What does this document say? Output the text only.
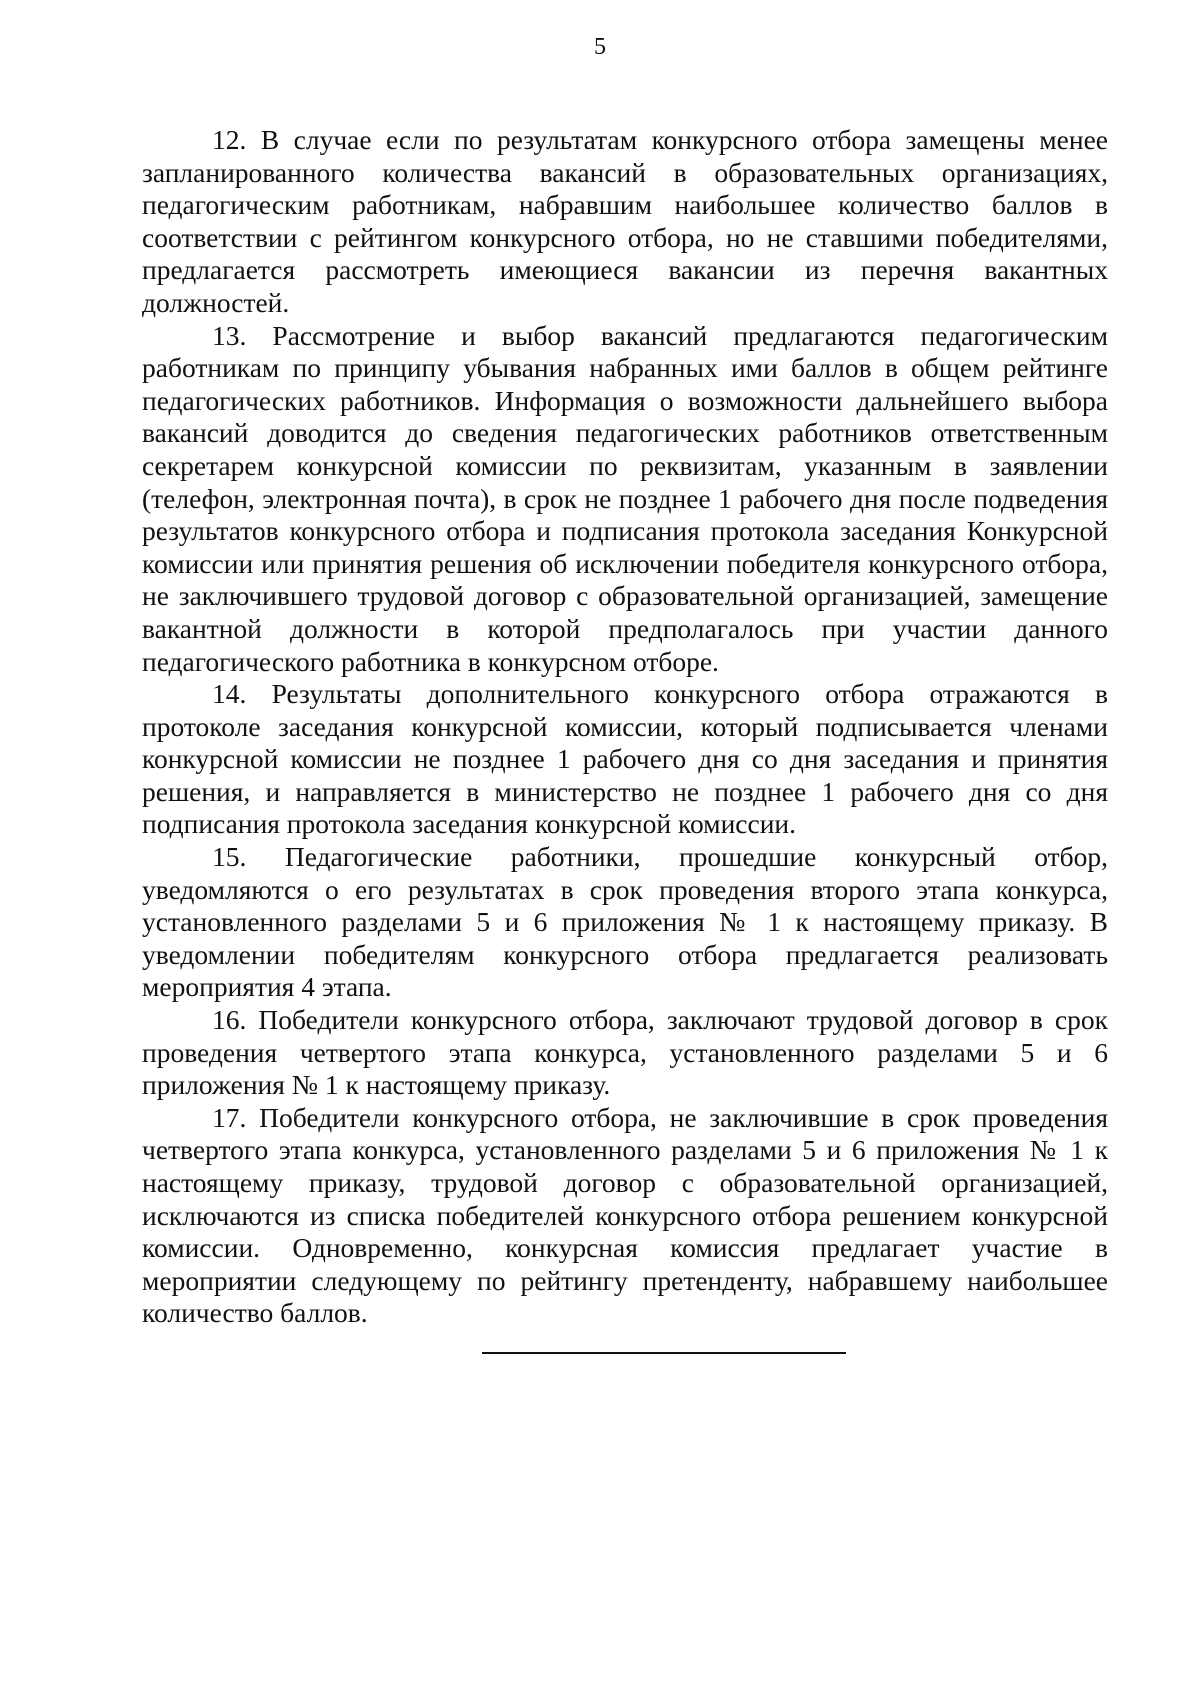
5

12. В случае если по результатам конкурсного отбора замещены менее запланированного количества вакансий в образовательных организациях, педагогическим работникам, набравшим наибольшее количество баллов в соответствии с рейтингом конкурсного отбора, но не ставшими победителями, предлагается рассмотреть имеющиеся вакансии из перечня вакантных должностей.

13. Рассмотрение и выбор вакансий предлагаются педагогическим работникам по принципу убывания набранных ими баллов в общем рейтинге педагогических работников. Информация о возможности дальнейшего выбора вакансий доводится до сведения педагогических работников ответственным секретарем конкурсной комиссии по реквизитам, указанным в заявлении (телефон, электронная почта), в срок не позднее 1 рабочего дня после подведения результатов конкурсного отбора и подписания протокола заседания Конкурсной комиссии или принятия решения об исключении победителя конкурсного отбора, не заключившего трудовой договор с образовательной организацией, замещение вакантной должности в которой предполагалось при участии данного педагогического работника в конкурсном отборе.

14. Результаты дополнительного конкурсного отбора отражаются в протоколе заседания конкурсной комиссии, который подписывается членами конкурсной комиссии не позднее 1 рабочего дня со дня заседания и принятия решения, и направляется в министерство не позднее 1 рабочего дня со дня подписания протокола заседания конкурсной комиссии.

15. Педагогические работники, прошедшие конкурсный отбор, уведомляются о его результатах в срок проведения второго этапа конкурса, установленного разделами 5 и 6 приложения № 1 к настоящему приказу. В уведомлении победителям конкурсного отбора предлагается реализовать мероприятия 4 этапа.

16. Победители конкурсного отбора, заключают трудовой договор в срок проведения четвертого этапа конкурса, установленного разделами 5 и 6 приложения № 1 к настоящему приказу.

17. Победители конкурсного отбора, не заключившие в срок проведения четвертого этапа конкурса, установленного разделами 5 и 6 приложения № 1 к настоящему приказу, трудовой договор с образовательной организацией, исключаются из списка победителей конкурсного отбора решением конкурсной комиссии. Одновременно, конкурсная комиссия предлагает участие в мероприятии следующему по рейтингу претенденту, набравшему наибольшее количество баллов.
